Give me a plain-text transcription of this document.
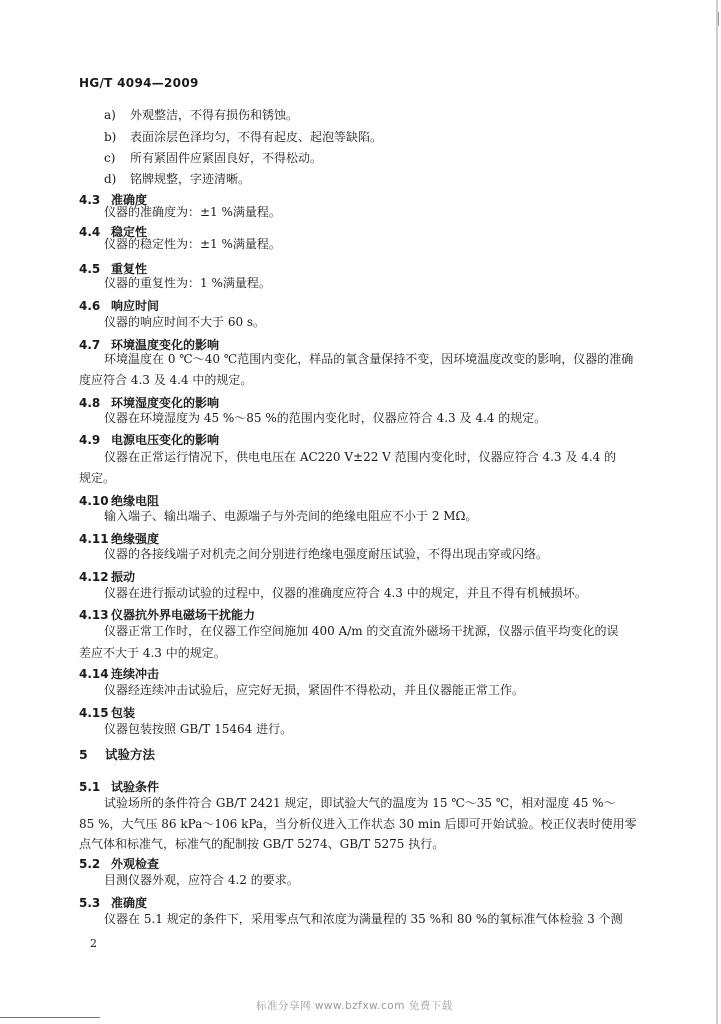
HG/T 4094—2009
a) 外观整洁，不得有损伤和锈蚀。
b) 表面涂层色泽均匀，不得有起皮、起泡等缺陷。
c) 所有紧固件应紧固良好，不得松动。
d) 铭牌规整，字迹清晰。
4.3 准确度
仪器的准确度为：±1 %满量程。
4.4 稳定性
仪器的稳定性为：±1 %满量程。
4.5 重复性
仪器的重复性为：1 %满量程。
4.6 响应时间
仪器的响应时间不大于 60 s。
4.7 环境温度变化的影响
环境温度在 0 ℃～40 ℃范围内变化，样品的氧含量保持不变，因环境温度改变的影响，仪器的准确
度应符合 4.3 及 4.4 中的规定。
4.8 环境湿度变化的影响
仪器在环境湿度为 45 %～85 %的范围内变化时，仪器应符合 4.3 及 4.4 的规定。
4.9 电源电压变化的影响
仪器在正常运行情况下，供电电压在 AC220 V±22 V 范围内变化时，仪器应符合 4.3 及 4.4 的
规定。
4.10 绝缘电阻
输入端子、输出端子、电源端子与外壳间的绝缘电阻应不小于 2 MΩ。
4.11 绝缘强度
仪器的各接线端子对机壳之间分别进行绝缘电强度耐压试验，不得出现击穿或闪络。
4.12 振动
仪器在进行振动试验的过程中，仪器的准确度应符合 4.3 中的规定，并且不得有机械损坏。
4.13 仪器抗外界电磁场干扰能力
仪器正常工作时，在仪器工作空间施加 400 A/m 的交直流外磁场干扰源，仪器示值平均变化的误
差应不大于 4.3 中的规定。
4.14 连续冲击
仪器经连续冲击试验后，应完好无损，紧固件不得松动，并且仪器能正常工作。
4.15 包装
仪器包装按照 GB/T 15464 进行。
5 试验方法
5.1 试验条件
试验场所的条件符合 GB/T 2421 规定，即试验大气的温度为 15 ℃～35 ℃，相对湿度 45 %～
85 %，大气压 86 kPa～106 kPa，当分析仪进入工作状态 30 min 后即可开始试验。校正仪表时使用零
点气体和标准气，标准气的配制按 GB/T 5274、GB/T 5275 执行。
5.2 外观检查
目测仪器外观，应符合 4.2 的要求。
5.3 准确度
仪器在 5.1 规定的条件下，采用零点气和浓度为满量程的 35 %和 80 %的氧标准气体检验 3 个测
2
标准分享网 www.bzfxw.com 免费下载
